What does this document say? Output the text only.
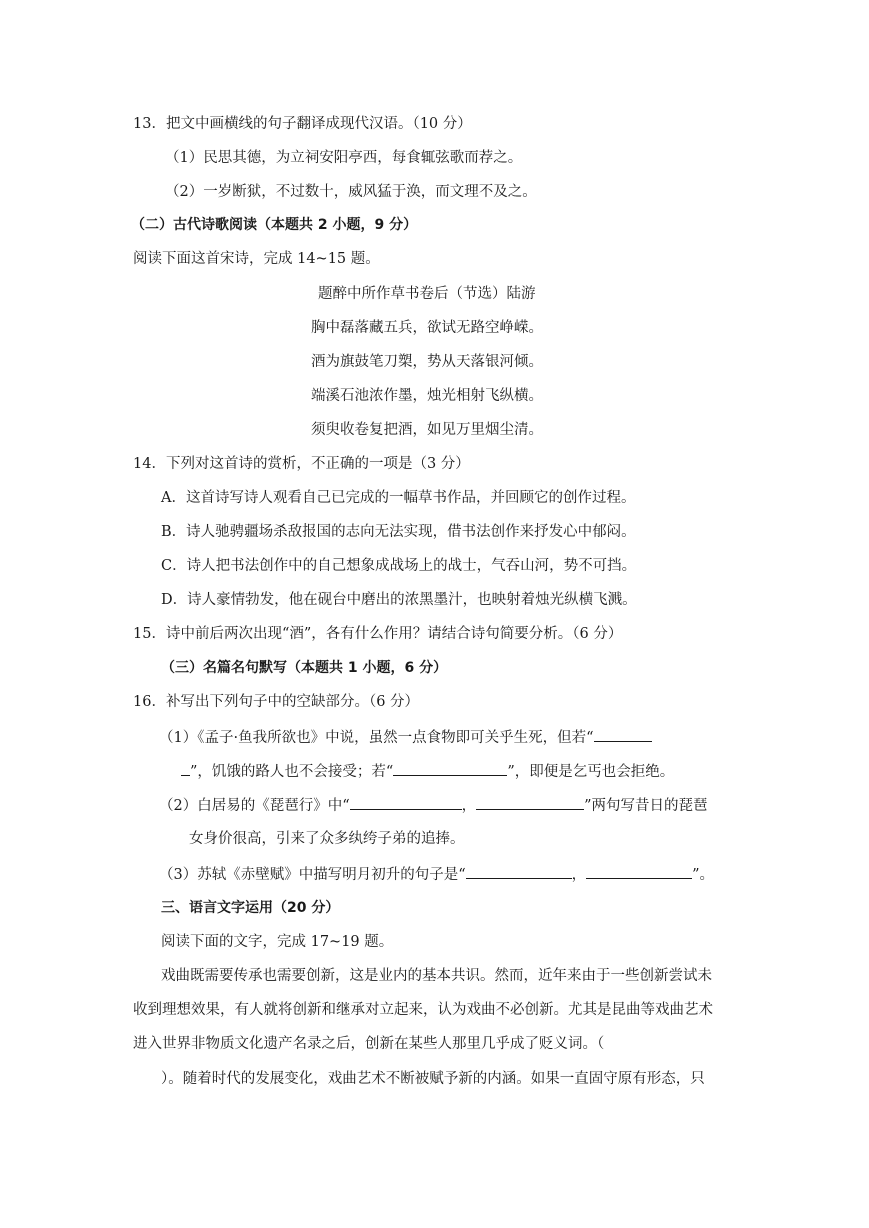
13．把文中画横线的句子翻译成现代汉语。（10 分）
（1）民思其德，为立祠安阳亭西，每食辄弦歌而荐之。
（2）一岁断狱，不过数十，威风猛于涣，而文理不及之。
（二）古代诗歌阅读（本题共 2 小题，9 分）
阅读下面这首宋诗，完成 14~15 题。
题醉中所作草书卷后（节选）陆游
胸中磊落藏五兵，欲试无路空峥嵘。
酒为旗鼓笔刀槊，势从天落银河倾。
端溪石池浓作墨，烛光相射飞纵横。
须臾收卷复把酒，如见万里烟尘清。
14．下列对这首诗的赏析，不正确的一项是（3 分）
A．这首诗写诗人观看自己已完成的一幅草书作品，并回顾它的创作过程。
B．诗人驰骋疆场杀敌报国的志向无法实现，借书法创作来抒发心中郁闷。
C．诗人把书法创作中的自己想象成战场上的战士，气吞山河，势不可挡。
D．诗人豪情勃发，他在砚台中磨出的浓黑墨汁，也映射着烛光纵横飞溅。
15．诗中前后两次出现“酒”，各有什么作用？请结合诗句简要分析。（6 分）
（三）名篇名句默写（本题共 1 小题，6 分）
16．补写出下列句子中的空缺部分。（6 分）
（1）《孟子·鱼我所欲也》中说，虽然一点食物即可关乎生死，但若“
”，饥饿的路人也不会接受；若“	”，即便是乞丐也会拒绝。
（2）白居易的《琵琶行》中“	，	”两句写昔日的琵琶
女身价很高，引来了众多纨绔子弟的追捧。
（3）苏轼《赤壁赋》中描写明月初升的句子是“	，	”。
三、语言文字运用（20 分）
阅读下面的文字，完成 17~19 题。
戏曲既需要传承也需要创新，这是业内的基本共识。然而，近年来由于一些创新尝试未
收到理想效果，有人就将创新和继承对立起来，认为戏曲不必创新。尤其是昆曲等戏曲艺术
进入世界非物质文化遗产名录之后，创新在某些人那里几乎成了贬义词。（
）。随着时代的发展变化，戏曲艺术不断被赋予新的内涵。如果一直固守原有形态，只
